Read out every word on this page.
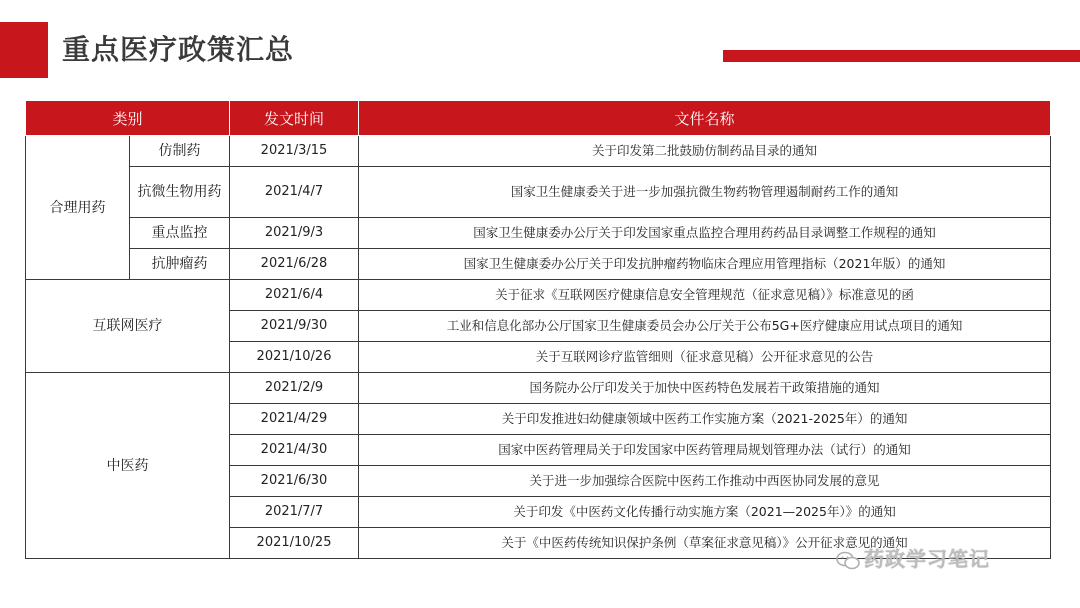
重点医疗政策汇总
类别		发文时间	文件名称
合理用药	仿制药	2021/3/15	关于印发第二批鼓励仿制药品目录的通知
	抗微生物用药	2021/4/7	国家卫生健康委关于进一步加强抗微生物药物管理遏制耐药工作的通知
	重点监控	2021/9/3	国家卫生健康委办公厅关于印发国家重点监控合理用药药品目录调整工作规程的通知
	抗肿瘤药	2021/6/28	国家卫生健康委办公厅关于印发抗肿瘤药物临床合理应用管理指标（2021年版）的通知
互联网医疗		2021/6/4	关于征求《互联网医疗健康信息安全管理规范（征求意见稿）》标准意见的函
		2021/9/30	工业和信息化部办公厅国家卫生健康委员会办公厅关于公布5G+医疗健康应用试点项目的通知
		2021/10/26	关于互联网诊疗监管细则（征求意见稿）公开征求意见的公告
中医药		2021/2/9	国务院办公厅印发关于加快中医药特色发展若干政策措施的通知
		2021/4/29	关于印发推进妇幼健康领域中医药工作实施方案（2021-2025年）的通知
		2021/4/30	国家中医药管理局关于印发国家中医药管理局规划管理办法（试行）的通知
		2021/6/30	关于进一步加强综合医院中医药工作推动中西医协同发展的意见
		2021/7/7	关于印发《中医药文化传播行动实施方案（2021—2025年）》的通知
		2021/10/25	关于《中医药传统知识保护条例（草案征求意见稿）》公开征求意见的通知
药政学习笔记
